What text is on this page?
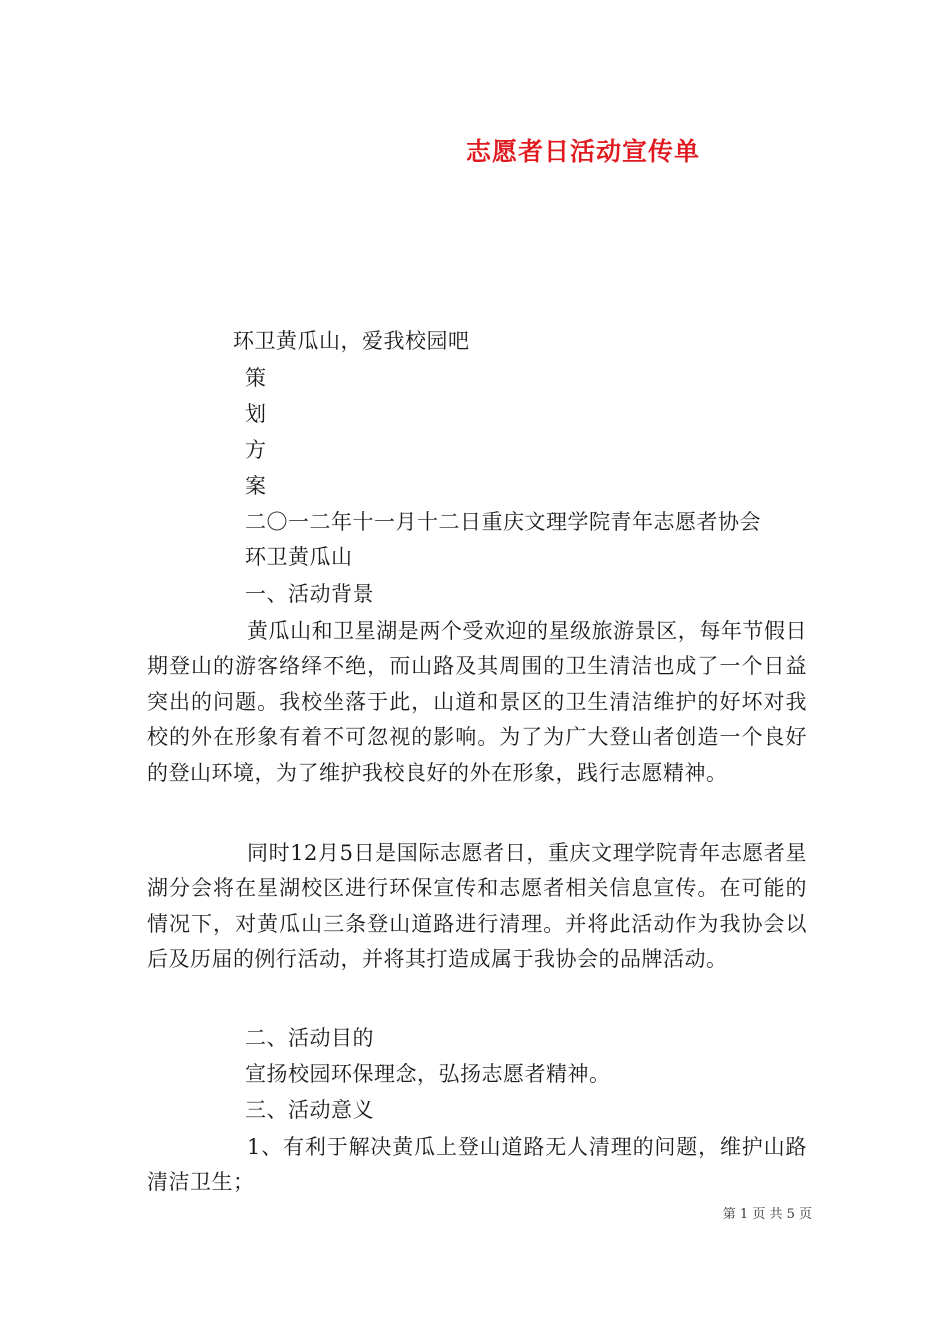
志愿者日活动宣传单
环卫黄瓜山，爱我校园吧
策
划
方
案
二〇一二年十一月十二日重庆文理学院青年志愿者协会
环卫黄瓜山
一、活动背景

黄瓜山和卫星湖是两个受欢迎的星级旅游景区，每年节假日期登山的游客络绎不绝，而山路及其周围的卫生清洁也成了一个日益突出的问题。我校坐落于此，山道和景区的卫生清洁维护的好坏对我校的外在形象有着不可忽视的影响。为了为广大登山者创造一个良好的登山环境，为了维护我校良好的外在形象，践行志愿精神。

同时12月5日是国际志愿者日，重庆文理学院青年志愿者星湖分会将在星湖校区进行环保宣传和志愿者相关信息宣传。在可能的情况下，对黄瓜山三条登山道路进行清理。并将此活动作为我协会以后及历届的例行活动，并将其打造成属于我协会的品牌活动。

二、活动目的
宣扬校园环保理念，弘扬志愿者精神。
三、活动意义

1、有利于解决黄瓜上登山道路无人清理的问题，维护山路清洁卫生；

第 1 页 共 5 页
